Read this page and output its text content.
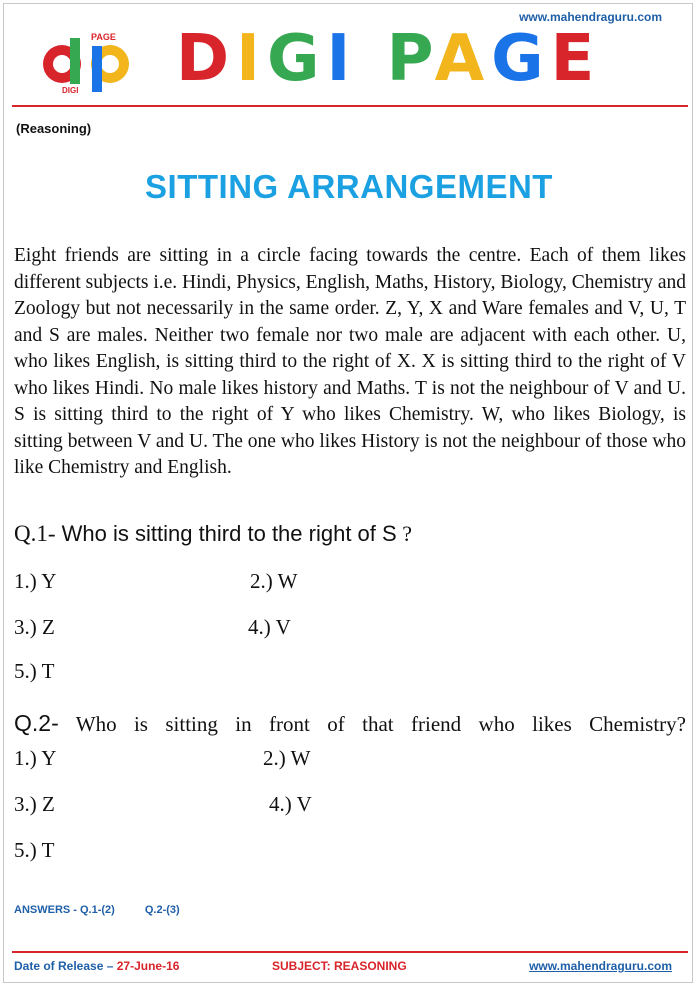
www.mahendraguru.com
PAGE
DIGI DIGI PAGE
(Reasoning)
SITTING ARRANGEMENT
Eight friends are sitting in a circle facing towards the centre. Each of them likes different subjects i.e. Hindi, Physics, English, Maths, History, Biology, Chemistry and Zoology but not necessarily in the same order. Z, Y, X and Ware females and V, U, T and S are males. Neither two female nor two male are adjacent with each other. U, who likes English, is sitting third to the right of X. X is sitting third to the right of V who likes Hindi. No male likes history and Maths. T is not the neighbour of V and U. S is sitting third to the right of Y who likes Chemistry. W, who likes Biology, is sitting between V and U. The one who likes History is not the neighbour of those who like Chemistry and English.
Q.1- Who is sitting third to the right of S ?
1.) Y	2.) W
3.) Z	4.) V
5.) T
Q.2- Who is sitting in front of that friend who likes Chemistry?
1.) Y	2.) W
3.) Z	4.) V
5.) T
ANSWERS - Q.1-(2)	Q.2-(3)
Date of Release – 27-June-16	SUBJECT: REASONING	www.mahendraguru.com
